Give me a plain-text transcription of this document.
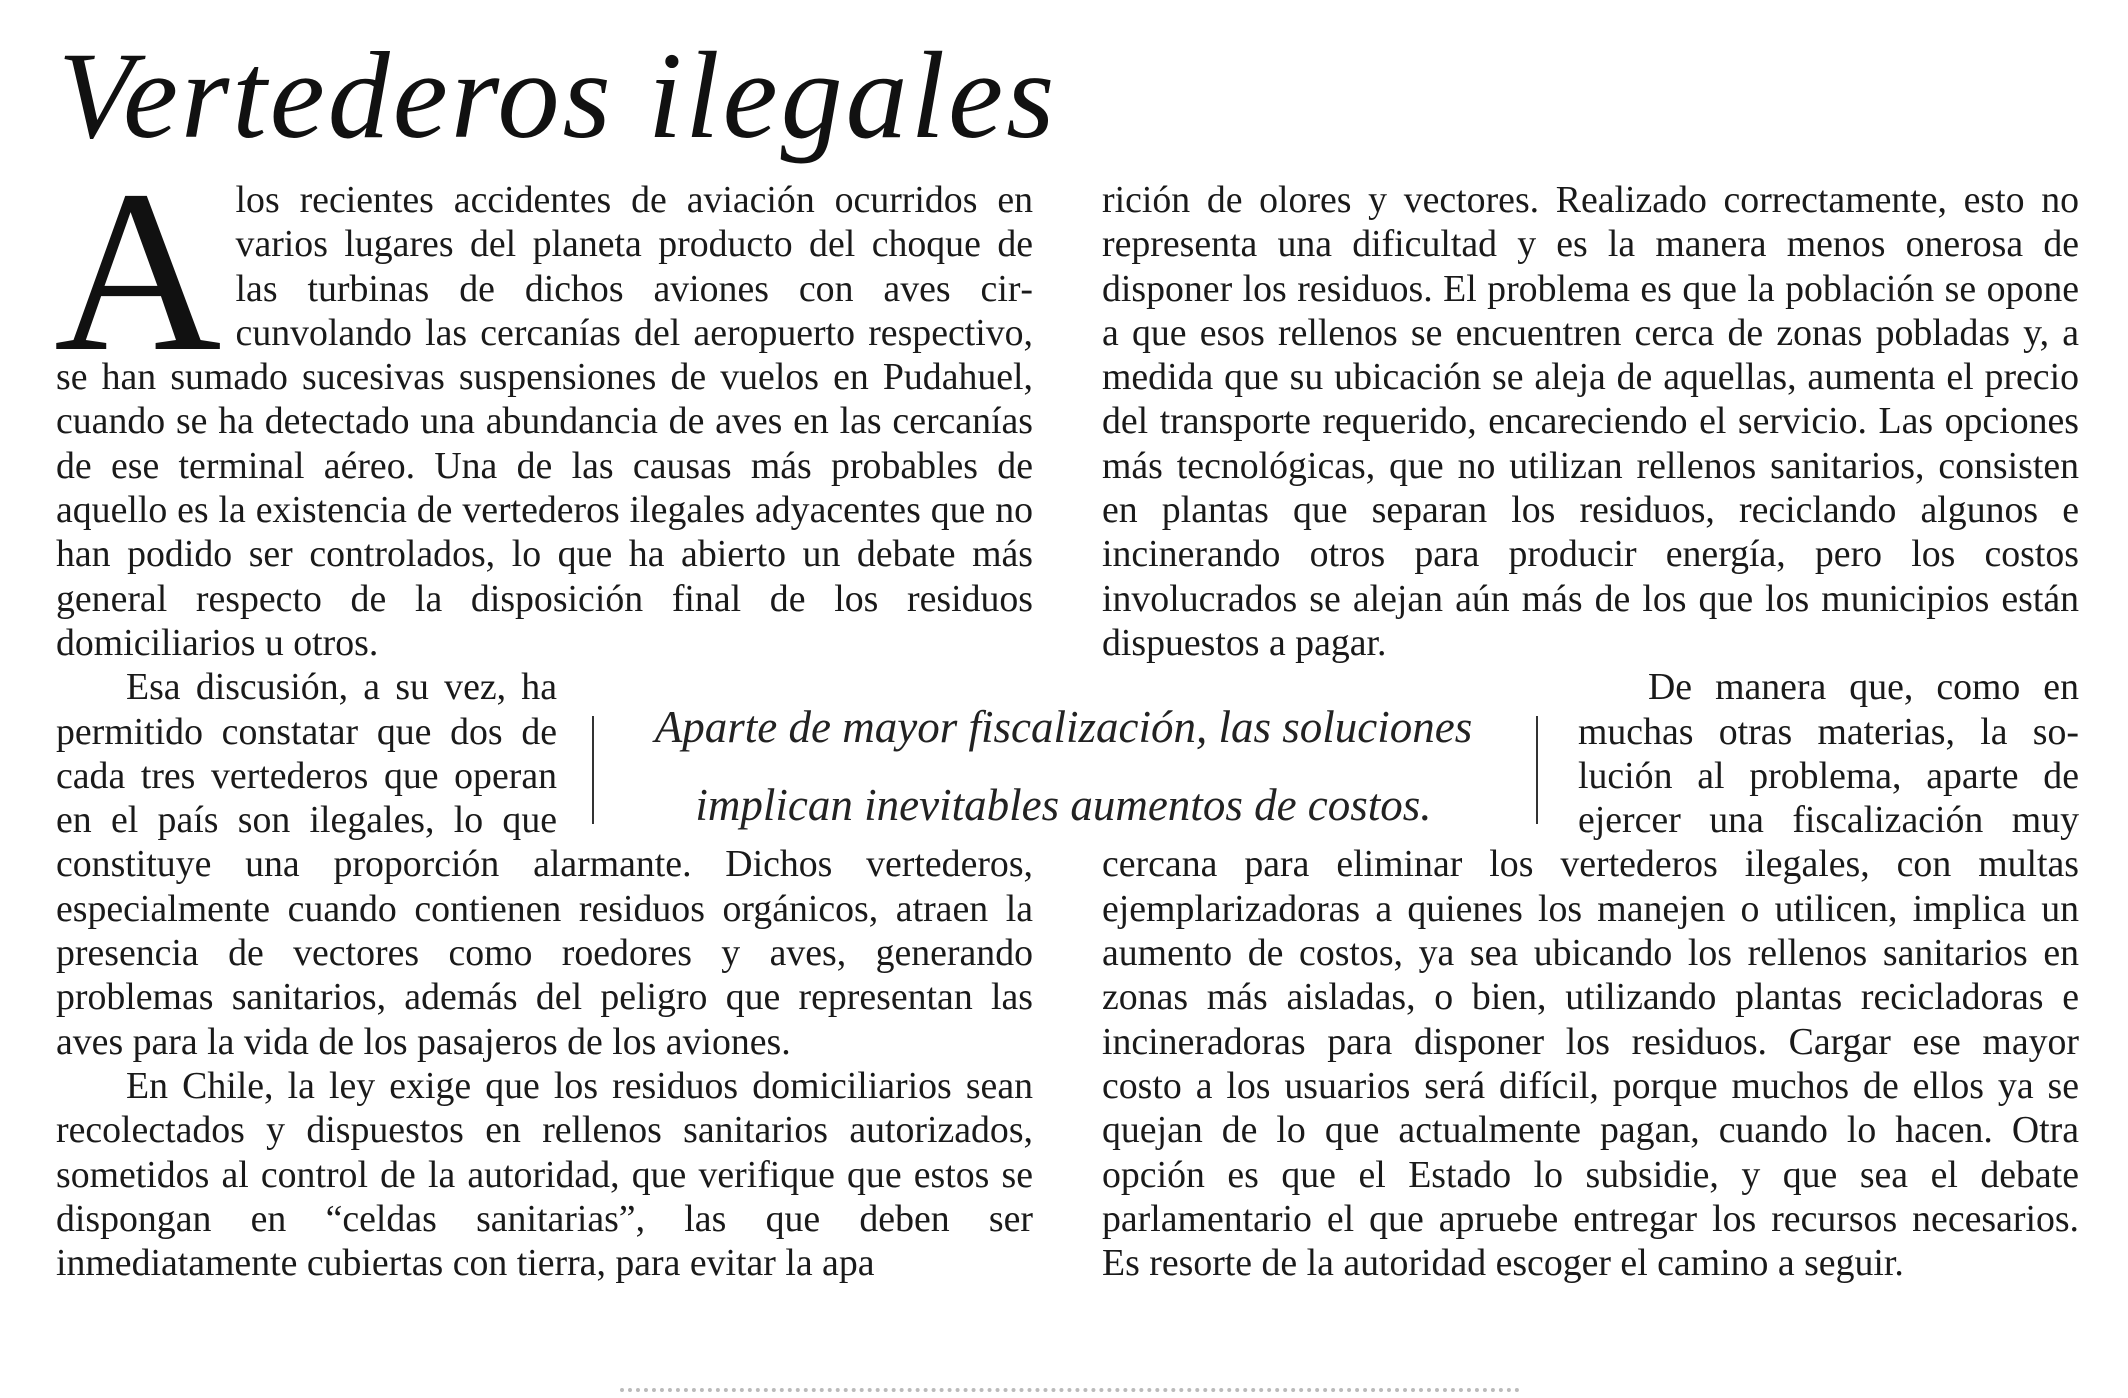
Vertederos ilegales

A los recientes accidentes de aviación ocurridos en varios lugares del planeta producto del choque de las turbinas de dichos aviones con aves circunvolando las cercanías del aeropuerto respectivo, se han sumado sucesivas suspensiones de vuelos en Pudahuel, cuando se ha detectado una abundancia de aves en las cercanías de ese terminal aéreo. Una de las causas más probables de aquello es la existencia de vertederos ilegales adyacentes que no han podido ser controlados, lo que ha abierto un debate más general respecto de la disposición final de los residuos domiciliarios u otros.

Esa discusión, a su vez, ha permitido constatar que dos de cada tres vertederos que operan en el país son ilegales, lo que constituye una proporción alarmante. Dichos vertederos, especialmente cuando contienen residuos orgánicos, atraen la presencia de vectores como roedores y aves, generando problemas sanitarios, además del peligro que representan las aves para la vida de los pasajeros de los aviones.

En Chile, la ley exige que los residuos domiciliarios sean recolectados y dispuestos en rellenos sanitarios autorizados, sometidos al control de la autoridad, que verifique que estos se dispongan en “celdas sanitarias”, las que deben ser inmediatamente cubiertas con tierra, para evitar la apa

rición de olores y vectores. Realizado correctamente, esto no representa una dificultad y es la manera menos onerosa de disponer los residuos. El problema es que la población se opone a que esos rellenos se encuentren cerca de zonas pobladas y, a medida que su ubicación se aleja de aquellas, aumenta el precio del transporte requerido, encareciendo el servicio. Las opciones más tecnológicas, que no utilizan rellenos sanitarios, consisten en plantas que separan los residuos, reciclando algunos e incinerando otros para producir energía, pero los costos involucrados se alejan aún más de los que los municipios están dispuestos a pagar.

De manera que, como en muchas otras materias, la solución al problema, aparte de ejercer una fiscalización muy cercana para eliminar los vertederos ilegales, con multas ejemplarizadoras a quienes los manejen o utilicen, implica un aumento de costos, ya sea ubicando los rellenos sanitarios en zonas más aisladas, o bien, utilizando plantas recicladoras e incineradoras para disponer los residuos. Cargar ese mayor costo a los usuarios será difícil, porque muchos de ellos ya se quejan de lo que actualmente pagan, cuando lo hacen. Otra opción es que el Estado lo subsidie, y que sea el debate parlamentario el que apruebe entregar los recursos necesarios. Es resorte de la autoridad escoger el camino a seguir.

Aparte de mayor fiscalización, las soluciones
implican inevitables aumentos de costos.
